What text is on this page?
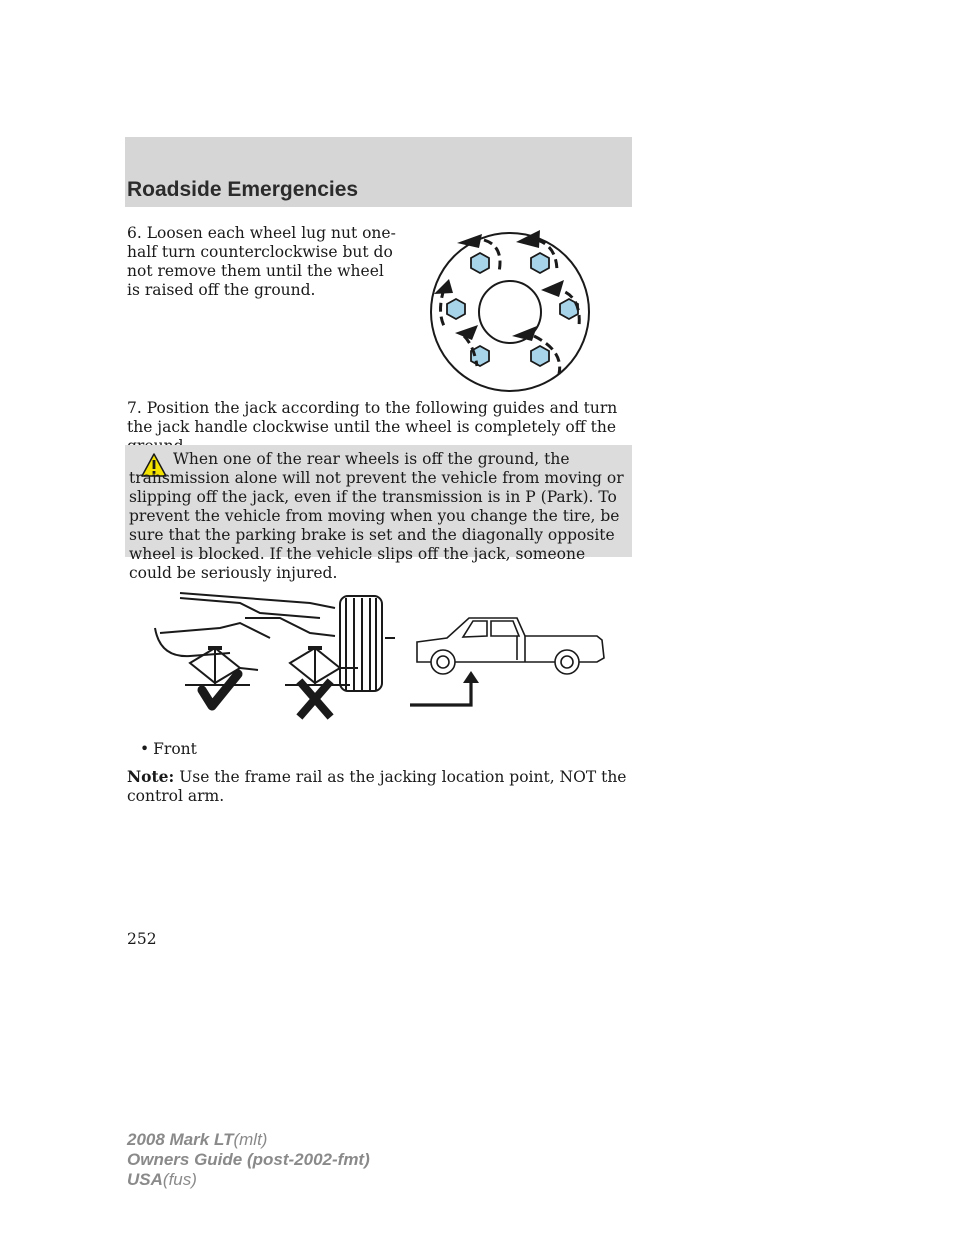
Roadside Emergencies

6. Loosen each wheel lug nut one-half turn counterclockwise but do not remove them until the wheel is raised off the ground.

7. Position the jack according to the following guides and turn the jack handle clockwise until the wheel is completely off the

When one of the rear wheels is off the ground, the transmission alone will not prevent the vehicle from moving or slipping off the jack, even if the transmission is in P (Park). To prevent the vehicle from moving when you change the tire, be sure that the parking brake is set and the diagonally opposite wheel is blocked. If the vehicle slips off the jack, someone could be seriously injured.

• Front

Note: Use the frame rail as the jacking location point, NOT the control arm.

252
2008 Mark LT(mlt)
Owners Guide (post-2002-fmt)
USA(fus)
